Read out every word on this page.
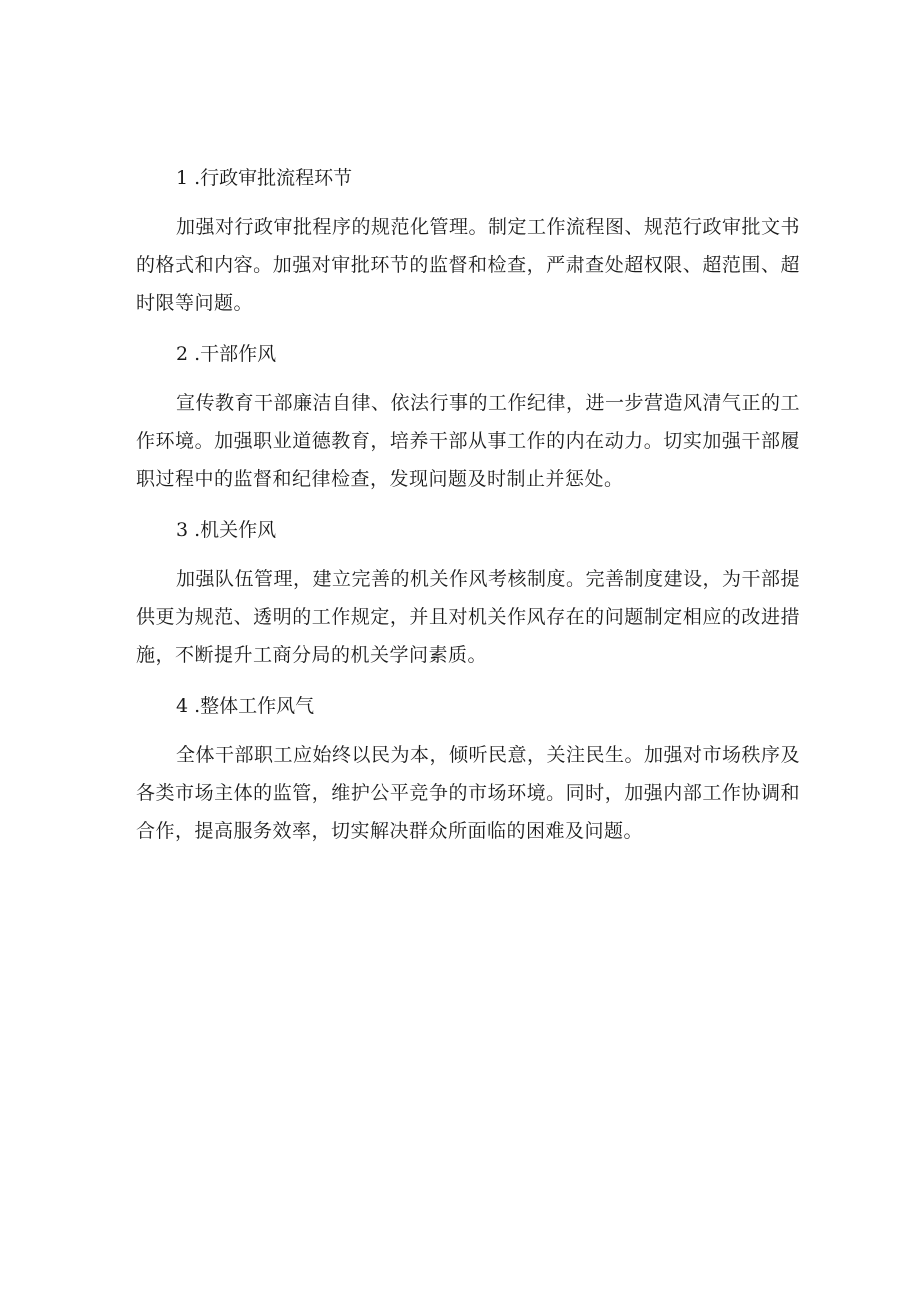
1 .行政审批流程环节

加强对行政审批程序的规范化管理。制定工作流程图、规范行政审批文书的格式和内容。加强对审批环节的监督和检查，严肃查处超权限、超范围、超时限等问题。

2 .干部作风

宣传教育干部廉洁自律、依法行事的工作纪律，进一步营造风清气正的工作环境。加强职业道德教育，培养干部从事工作的内在动力。切实加强干部履职过程中的监督和纪律检查，发现问题及时制止并惩处。

3 .机关作风

加强队伍管理，建立完善的机关作风考核制度。完善制度建设，为干部提供更为规范、透明的工作规定，并且对机关作风存在的问题制定相应的改进措施，不断提升工商分局的机关学问素质。

4 .整体工作风气

全体干部职工应始终以民为本，倾听民意，关注民生。加强对市场秩序及各类市场主体的监管，维护公平竞争的市场环境。同时，加强内部工作协调和合作，提高服务效率，切实解决群众所面临的困难及问题。
